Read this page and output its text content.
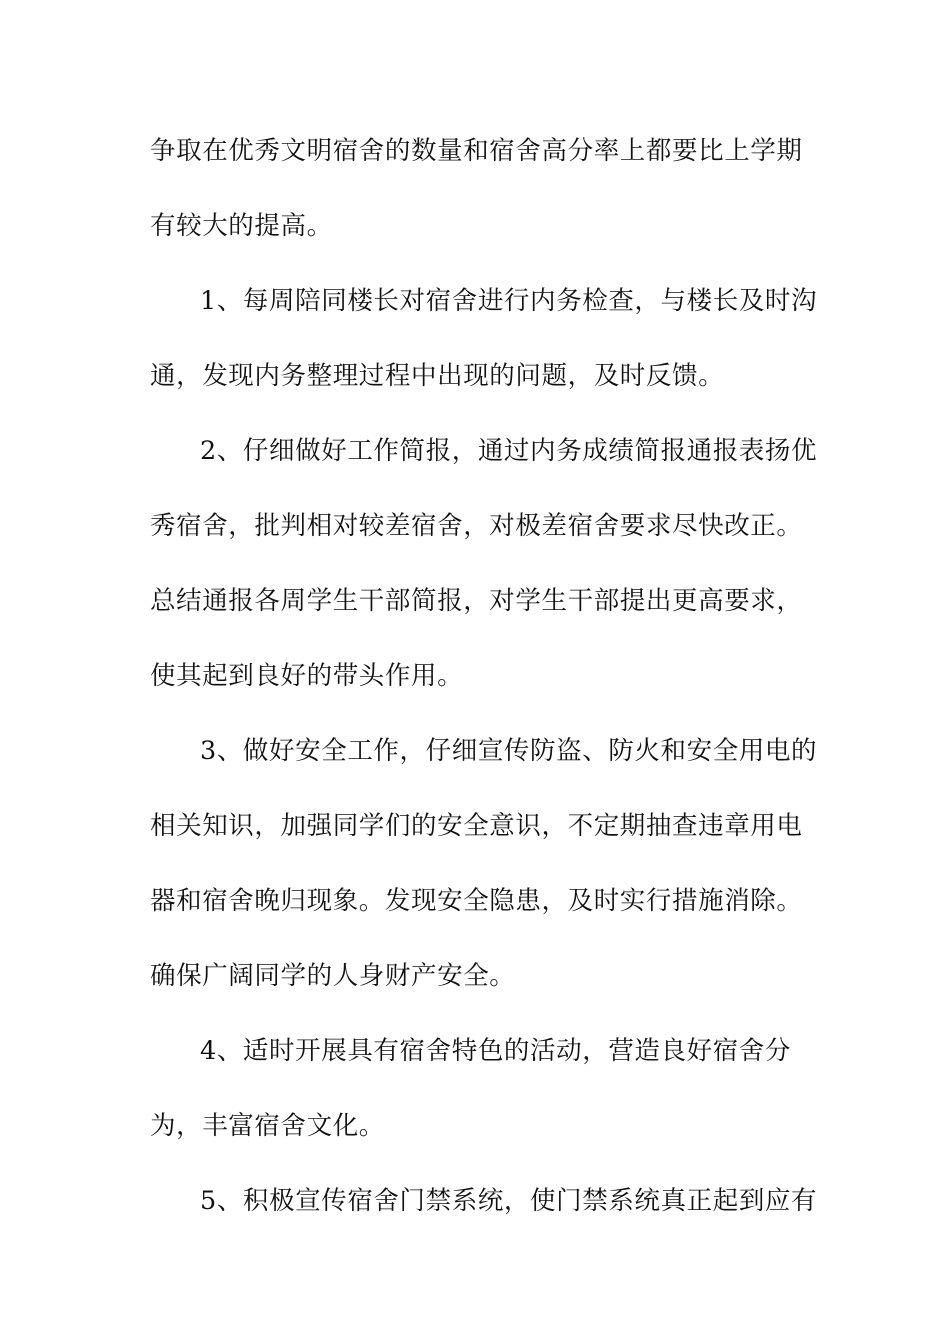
争取在优秀文明宿舍的数量和宿舍高分率上都要比上学期
有较大的提高。
1、每周陪同楼长对宿舍进行内务检查，与楼长及时沟
通，发现内务整理过程中出现的问题，及时反馈。
2、仔细做好工作简报，通过内务成绩简报通报表扬优
秀宿舍，批判相对较差宿舍，对极差宿舍要求尽快改正。
总结通报各周学生干部简报，对学生干部提出更高要求，
使其起到良好的带头作用。
3、做好安全工作，仔细宣传防盗、防火和安全用电的
相关知识，加强同学们的安全意识，不定期抽查违章用电
器和宿舍晚归现象。发现安全隐患，及时实行措施消除。
确保广阔同学的人身财产安全。
4、适时开展具有宿舍特色的活动，营造良好宿舍分
为，丰富宿舍文化。
5、积极宣传宿舍门禁系统，使门禁系统真正起到应有
